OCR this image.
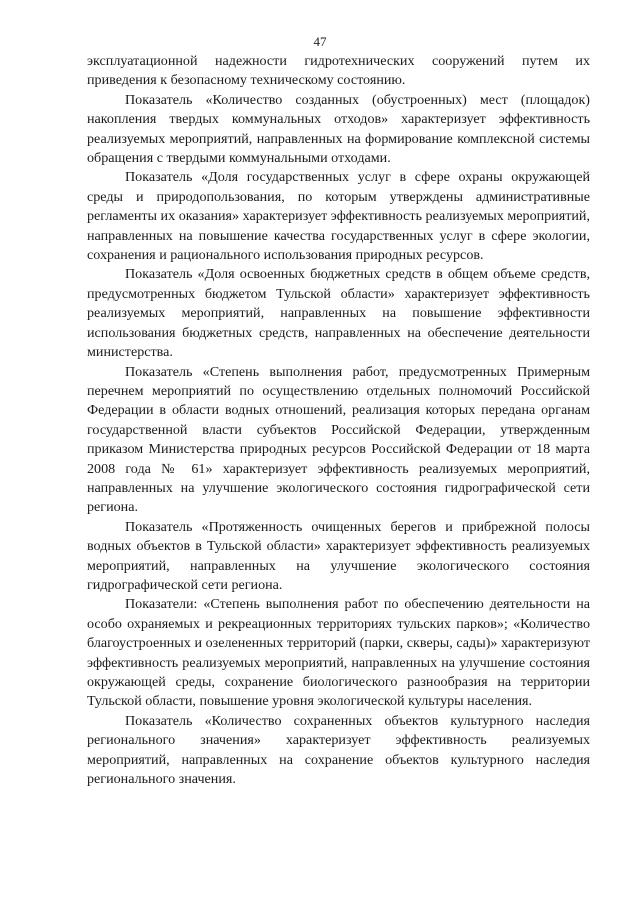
47

эксплуатационной надежности гидротехнических сооружений путем их приведения к безопасному техническому состоянию.

Показатель «Количество созданных (обустроенных) мест (площадок) накопления твердых коммунальных отходов» характеризует эффективность реализуемых мероприятий, направленных на формирование комплексной системы обращения с твердыми коммунальными отходами.

Показатель «Доля государственных услуг в сфере охраны окружающей среды и природопользования, по которым утверждены административные регламенты их оказания» характеризует эффективность реализуемых мероприятий, направленных на повышение качества государственных услуг в сфере экологии, сохранения и рационального использования природных ресурсов.

Показатель «Доля освоенных бюджетных средств в общем объеме средств, предусмотренных бюджетом Тульской области» характеризует эффективность реализуемых мероприятий, направленных на повышение эффективности использования бюджетных средств, направленных на обеспечение деятельности министерства.

Показатель «Степень выполнения работ, предусмотренных Примерным перечнем мероприятий по осуществлению отдельных полномочий Российской Федерации в области водных отношений, реализация которых передана органам государственной власти субъектов Российской Федерации, утвержденным приказом Министерства природных ресурсов Российской Федерации от 18 марта 2008 года № 61» характеризует эффективность реализуемых мероприятий, направленных на улучшение экологического состояния гидрографической сети региона.

Показатель «Протяженность очищенных берегов и прибрежной полосы водных объектов в Тульской области» характеризует эффективность реализуемых мероприятий, направленных на улучшение экологического состояния гидрографической сети региона.

Показатели: «Степень выполнения работ по обеспечению деятельности на особо охраняемых и рекреационных территориях тульских парков»; «Количество благоустроенных и озелененных территорий (парки, скверы, сады)» характеризуют эффективность реализуемых мероприятий, направленных на улучшение состояния окружающей среды, сохранение биологического разнообразия на территории Тульской области, повышение уровня экологической культуры населения.

Показатель «Количество сохраненных объектов культурного наследия регионального значения» характеризует эффективность реализуемых мероприятий, направленных на сохранение объектов культурного наследия регионального значения.
